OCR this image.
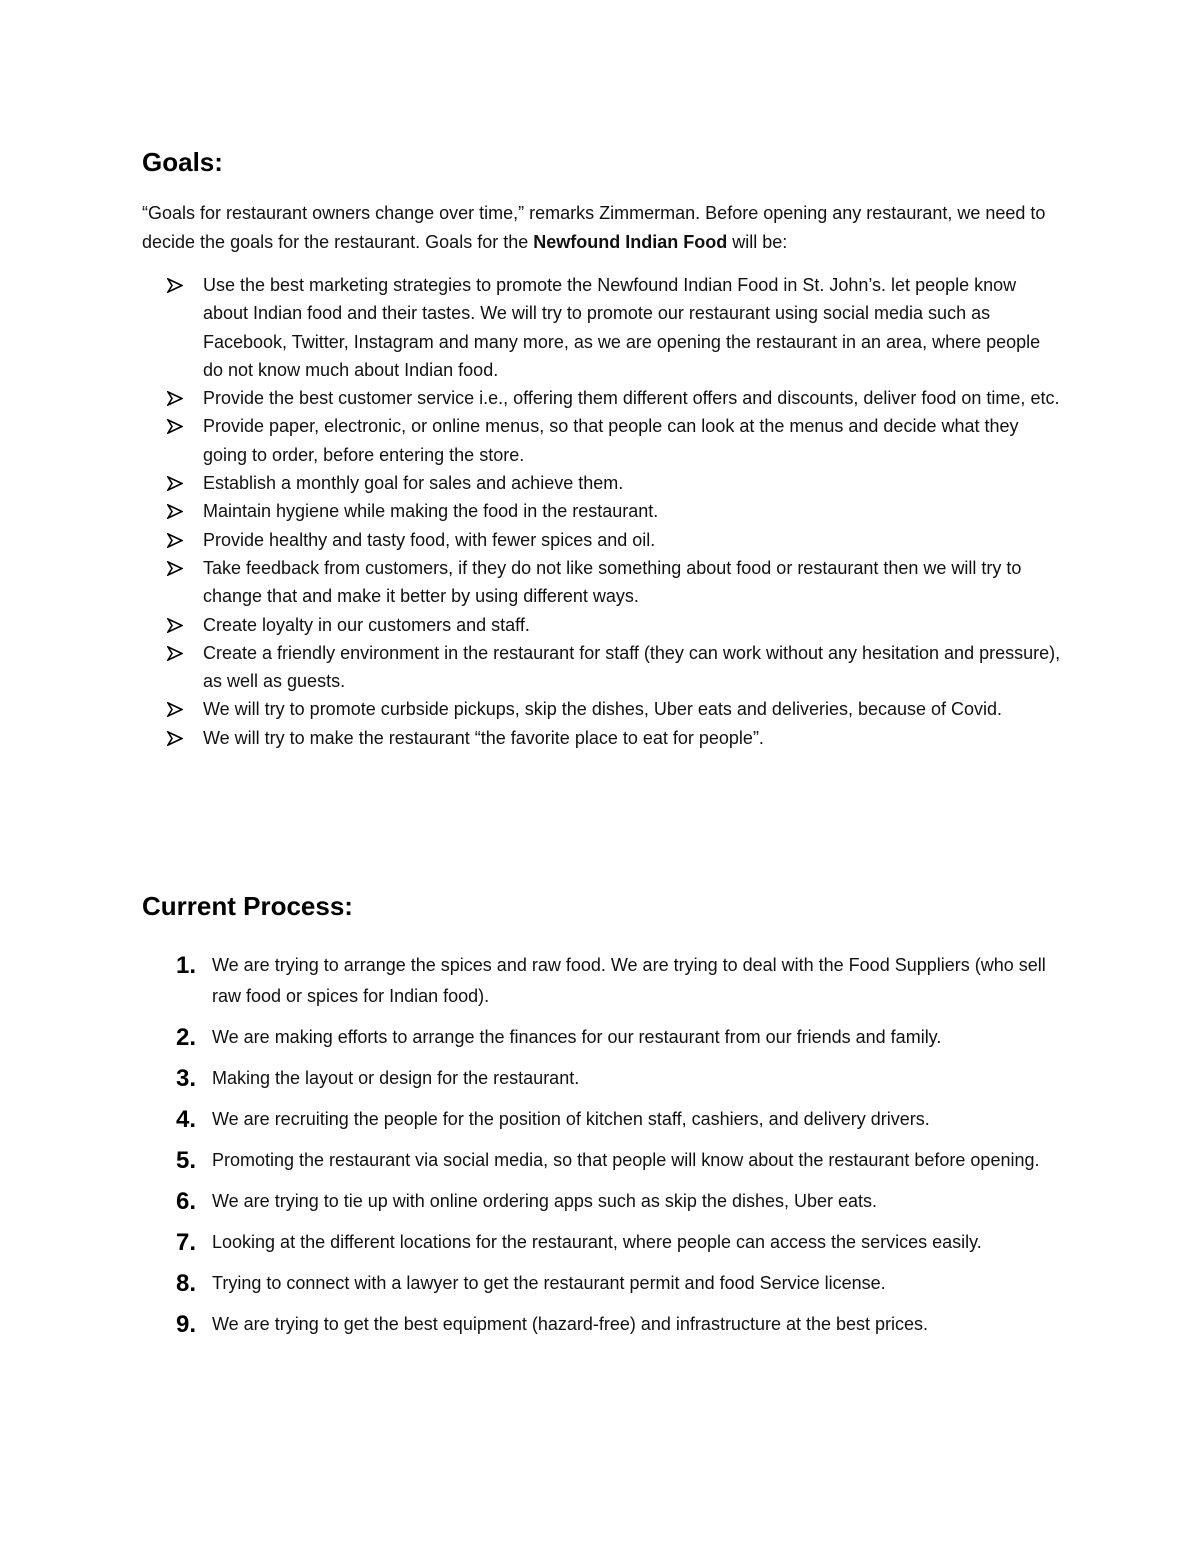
Goals:

“Goals for restaurant owners change over time,” remarks Zimmerman. Before opening any restaurant, we need to decide the goals for the restaurant. Goals for the Newfound Indian Food will be:

Use the best marketing strategies to promote the Newfound Indian Food in St. John’s. let people know about Indian food and their tastes. We will try to promote our restaurant using social media such as Facebook, Twitter, Instagram and many more, as we are opening the restaurant in an area, where people do not know much about Indian food.
Provide the best customer service i.e., offering them different offers and discounts, deliver food on time, etc.
Provide paper, electronic, or online menus, so that people can look at the menus and decide what they going to order, before entering the store.
Establish a monthly goal for sales and achieve them.
Maintain hygiene while making the food in the restaurant.
Provide healthy and tasty food, with fewer spices and oil.
Take feedback from customers, if they do not like something about food or restaurant then we will try to change that and make it better by using different ways.
Create loyalty in our customers and staff.
Create a friendly environment in the restaurant for staff (they can work without any hesitation and pressure), as well as guests.
We will try to promote curbside pickups, skip the dishes, Uber eats and deliveries, because of Covid.
We will try to make the restaurant “the favorite place to eat for people”.
Current Process:
1. We are trying to arrange the spices and raw food. We are trying to deal with the Food Suppliers (who sell raw food or spices for Indian food).
2. We are making efforts to arrange the finances for our restaurant from our friends and family.
3. Making the layout or design for the restaurant.
4. We are recruiting the people for the position of kitchen staff, cashiers, and delivery drivers.
5. Promoting the restaurant via social media, so that people will know about the restaurant before opening.
6. We are trying to tie up with online ordering apps such as skip the dishes, Uber eats.
7. Looking at the different locations for the restaurant, where people can access the services easily.
8. Trying to connect with a lawyer to get the restaurant permit and food Service license.
9. We are trying to get the best equipment (hazard-free) and infrastructure at the best prices.
